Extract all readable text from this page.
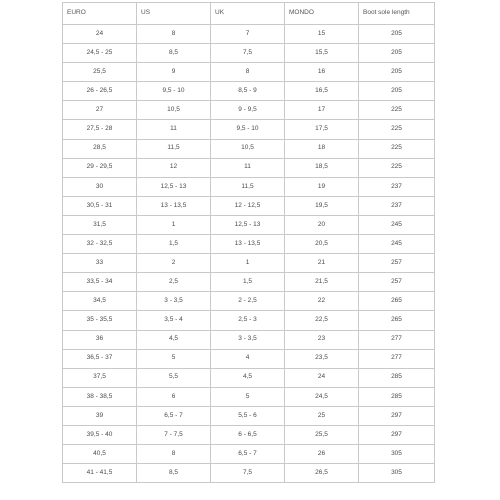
EURO	US	UK	MONDO	Boot sole length
24	8	7	15	205
24,5 - 25	8,5	7,5	15,5	205
25,5	9	8	16	205
26 - 26,5	9,5 - 10	8,5 - 9	16,5	205
27	10,5	9 - 9,5	17	225
27,5 - 28	11	9,5 - 10	17,5	225
28,5	11,5	10,5	18	225
29 - 29,5	12	11	18,5	225
30	12,5 - 13	11,5	19	237
30,5 - 31	13 - 13,5	12 - 12,5	19,5	237
31,5	1	12,5 - 13	20	245
32 - 32,5	1,5	13 - 13,5	20,5	245
33	2	1	21	257
33,5 - 34	2,5	1,5	21,5	257
34,5	3 - 3,5	2 - 2,5	22	265
35 - 35,5	3,5 - 4	2,5 - 3	22,5	265
36	4,5	3 - 3,5	23	277
36,5 - 37	5	4	23,5	277
37,5	5,5	4,5	24	285
38 - 38,5	6	5	24,5	285
39	6,5 - 7	5,5 - 6	25	297
39,5 - 40	7 - 7,5	6 - 6,5	25,5	297
40,5	8	6,5 - 7	26	305
41 - 41,5	8,5	7,5	26,5	305
